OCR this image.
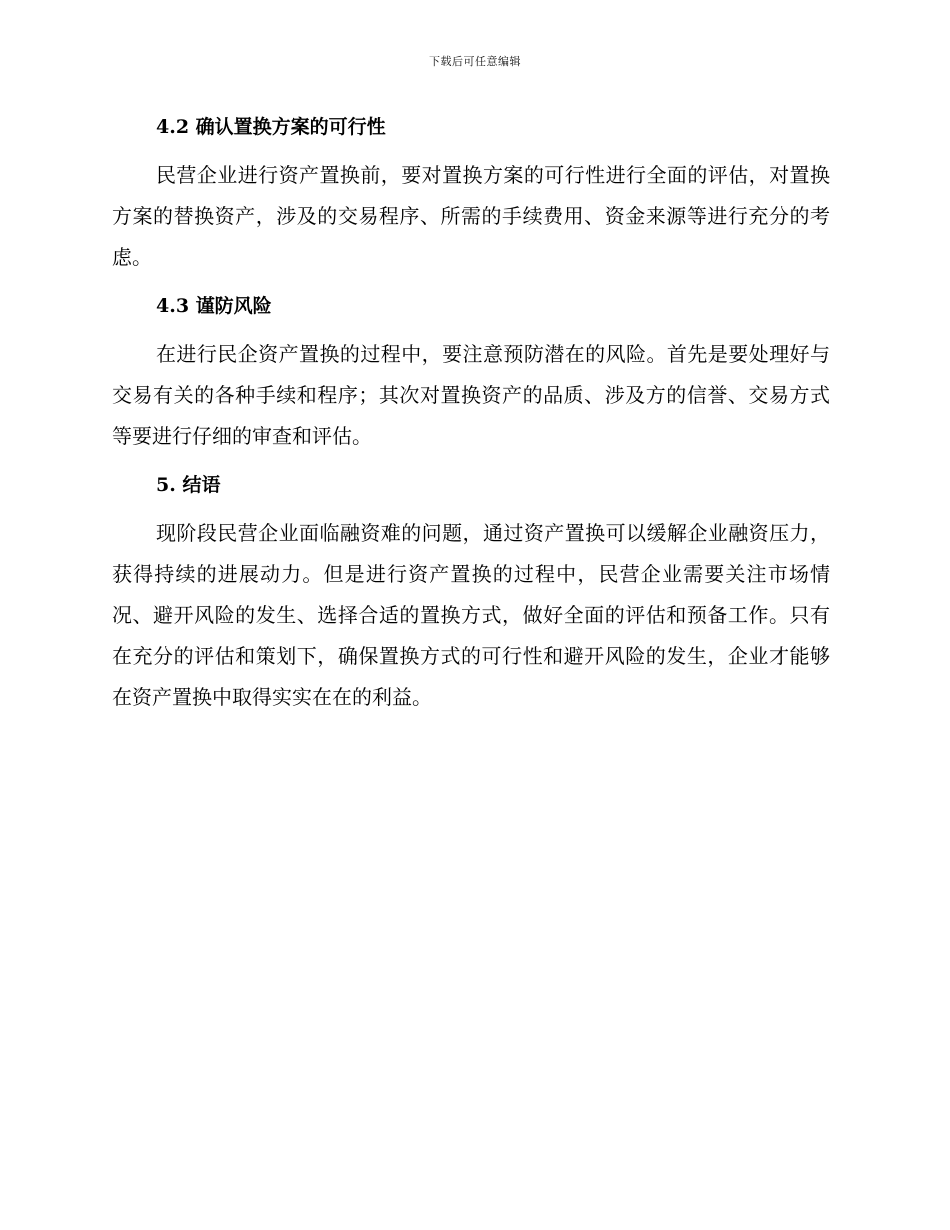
下载后可任意编辑
4.2 确认置换方案的可行性

民营企业进行资产置换前，要对置换方案的可行性进行全面的评估，对置换方案的替换资产，涉及的交易程序、所需的手续费用、资金来源等进行充分的考虑。

4.3 谨防风险

在进行民企资产置换的过程中，要注意预防潜在的风险。首先是要处理好与交易有关的各种手续和程序；其次对置换资产的品质、涉及方的信誉、交易方式等要进行仔细的审查和评估。

5. 结语

现阶段民营企业面临融资难的问题，通过资产置换可以缓解企业融资压力，获得持续的进展动力。但是进行资产置换的过程中，民营企业需要关注市场情况、避开风险的发生、选择合适的置换方式，做好全面的评估和预备工作。只有在充分的评估和策划下，确保置换方式的可行性和避开风险的发生，企业才能够在资产置换中取得实实在在的利益。
